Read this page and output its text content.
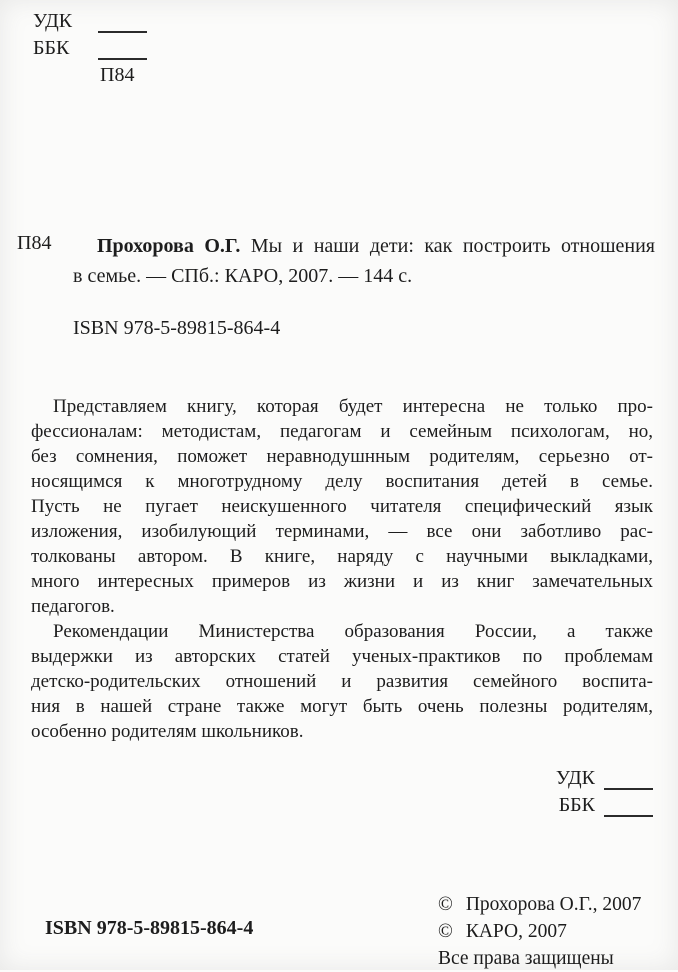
УДК
ББК
П84
П84	Прохорова О.Г. Мы и наши дети: как построить отношения
в семье. — СПб.: КАРО, 2007. — 144 с.
ISBN 978-5-89815-864-4
Представляем книгу, которая будет интересна не только про-
фессионалам: методистам, педагогам и семейным психологам, но,
без сомнения, поможет неравнодушнным родителям, серьезно от-
носящимся к многотрудному делу воспитания детей в семье.
Пусть не пугает неискушенного читателя специфический язык
изложения, изобилующий терминами, — все они заботливо рас-
толкованы автором. В книге, наряду с научными выкладками,
много интересных примеров из жизни и из книг замечательных
педагогов.
Рекомендации Министерства образования России, а также
выдержки из авторских статей ученых-практиков по проблемам
детско-родительских отношений и развития семейного воспита-
ния в нашей стране также могут быть очень полезны родителям,
особенно родителям школьников.
УДК
ББК
ISBN 978-5-89815-864-4
© Прохорова О.Г., 2007
© КАРО, 2007
Все права защищены
